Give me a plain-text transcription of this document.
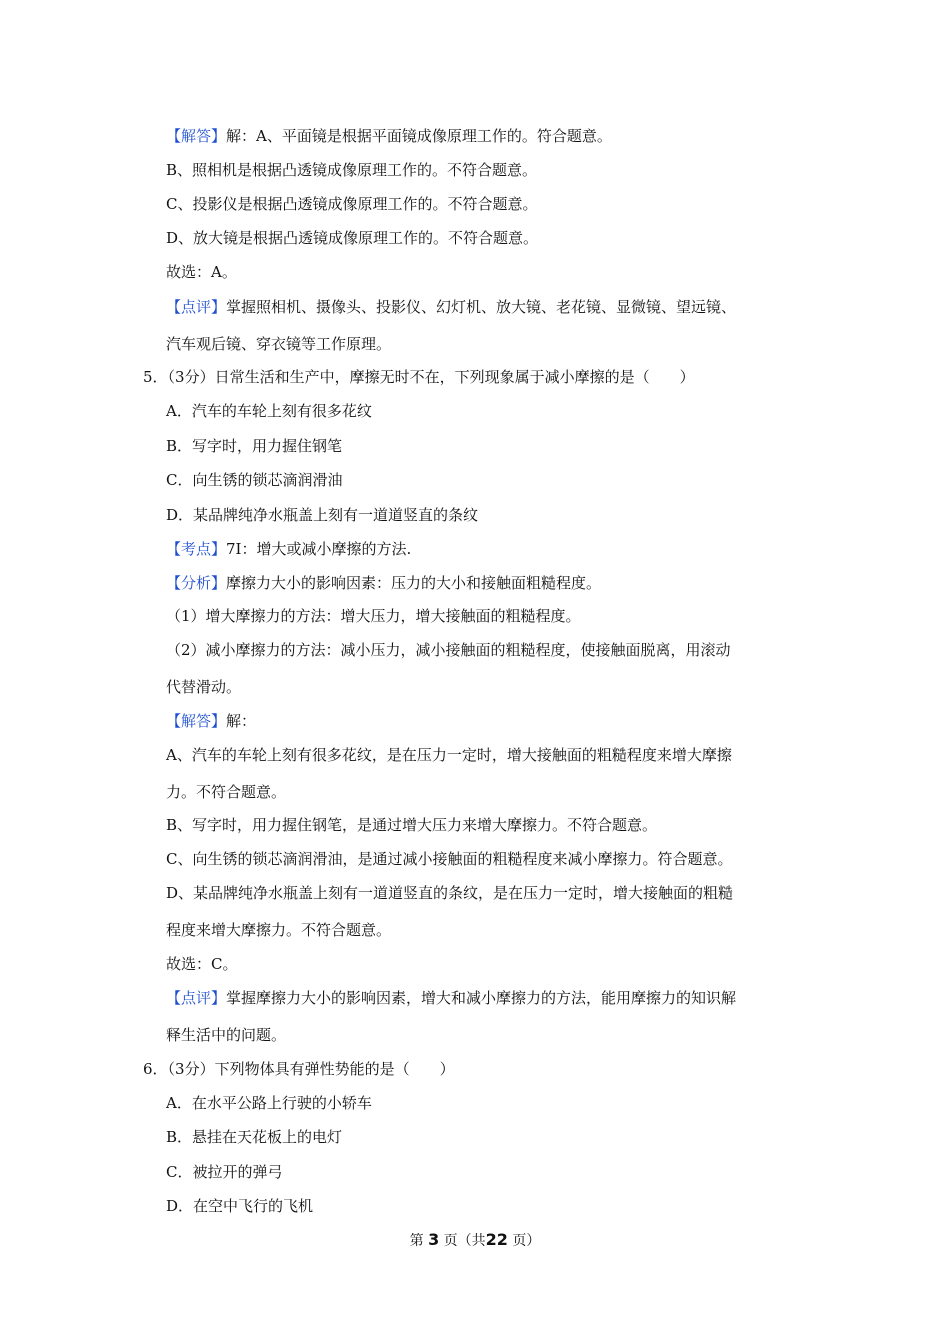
【解答】解：A、平面镜是根据平面镜成像原理工作的。符合题意。
B、照相机是根据凸透镜成像原理工作的。不符合题意。
C、投影仪是根据凸透镜成像原理工作的。不符合题意。
D、放大镜是根据凸透镜成像原理工作的。不符合题意。
故选：A。
【点评】掌握照相机、摄像头、投影仪、幻灯机、放大镜、老花镜、显微镜、望远镜、
汽车观后镜、穿衣镜等工作原理。
5．（3分）日常生活和生产中，摩擦无时不在，下列现象属于减小摩擦的是（　　）
A．汽车的车轮上刻有很多花纹
B．写字时，用力握住钢笔
C．向生锈的锁芯滴润滑油
D．某品牌纯净水瓶盖上刻有一道道竖直的条纹
【考点】7I：增大或减小摩擦的方法.
【分析】摩擦力大小的影响因素：压力的大小和接触面粗糙程度。
（1）增大摩擦力的方法：增大压力，增大接触面的粗糙程度。
（2）减小摩擦力的方法：减小压力，减小接触面的粗糙程度，使接触面脱离，用滚动
代替滑动。
【解答】解：
A、汽车的车轮上刻有很多花纹，是在压力一定时，增大接触面的粗糙程度来增大摩擦
力。不符合题意。
B、写字时，用力握住钢笔，是通过增大压力来增大摩擦力。不符合题意。
C、向生锈的锁芯滴润滑油，是通过减小接触面的粗糙程度来减小摩擦力。符合题意。
D、某品牌纯净水瓶盖上刻有一道道竖直的条纹，是在压力一定时，增大接触面的粗糙
程度来增大摩擦力。不符合题意。
故选：C。
【点评】掌握摩擦力大小的影响因素，增大和减小摩擦力的方法，能用摩擦力的知识解
释生活中的问题。
6．（3分）下列物体具有弹性势能的是（　　）
A．在水平公路上行驶的小轿车
B．悬挂在天花板上的电灯
C．被拉开的弹弓
D．在空中飞行的飞机
第 3 页（共22 页）
